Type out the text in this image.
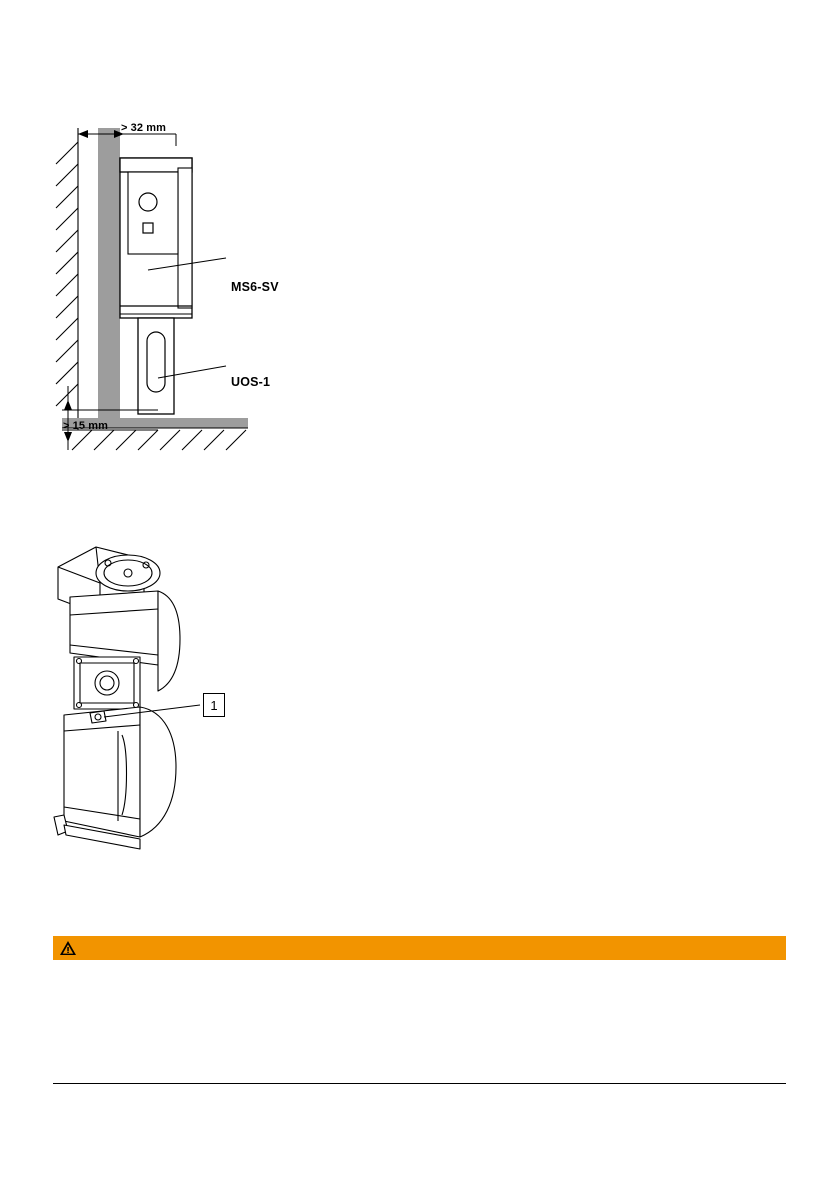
> 32 mm
> 15 mm
MS6-SV
UOS-1
1
